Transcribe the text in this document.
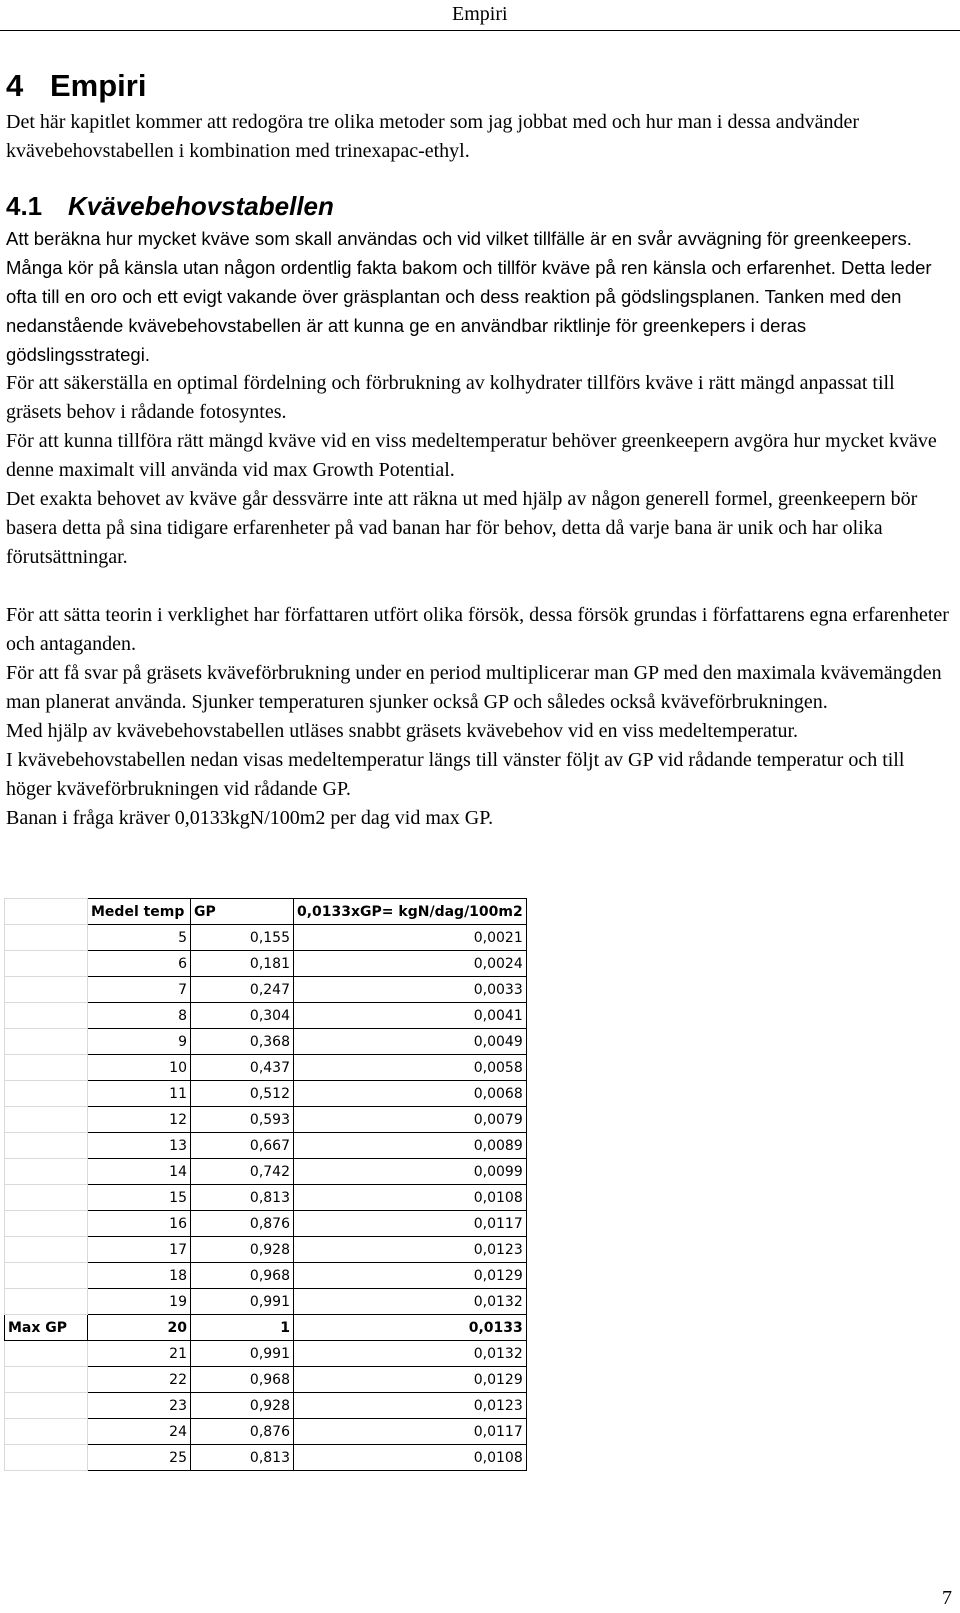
Empiri
4 Empiri

Det här kapitlet kommer att redogöra tre olika metoder som jag jobbat med och hur man i dessa andvänder kvävebehovstabellen i kombination med trinexapac-ethyl.

4.1 Kvävebehovstabellen

Att beräkna hur mycket kväve som skall användas och vid vilket tillfälle är en svår avvägning för greenkeepers. Många kör på känsla utan någon ordentlig fakta bakom och tillför kväve på ren känsla och erfarenhet. Detta leder ofta till en oro och ett evigt vakande över gräsplantan och dess reaktion på gödslingsplanen. Tanken med den nedanstående kvävebehovstabellen är att kunna ge en användbar riktlinje för greenkepers i deras gödslingsstrategi.

För att säkerställa en optimal fördelning och förbrukning av kolhydrater tillförs kväve i rätt mängd anpassat till gräsets behov i rådande fotosyntes.

För att kunna tillföra rätt mängd kväve vid en viss medeltemperatur behöver greenkeepern avgöra hur mycket kväve denne maximalt vill använda vid max Growth Potential.

Det exakta behovet av kväve går dessvärre inte att räkna ut med hjälp av någon generell formel, greenkeepern bör basera detta på sina tidigare erfarenheter på vad banan har för behov, detta då varje bana är unik och har olika förutsättningar.

För att sätta teorin i verklighet har författaren utfört olika försök, dessa försök grundas i författarens egna erfarenheter och antaganden.

För att få svar på gräsets kväveförbrukning under en period multiplicerar man GP med den maximala kvävemängden man planerat använda. Sjunker temperaturen sjunker också GP och således också kväveförbrukningen.

Med hjälp av kvävebehovstabellen utläses snabbt gräsets kvävebehov vid en viss medeltemperatur.

I kvävebehovstabellen nedan visas medeltemperatur längs till vänster följt av GP vid rådande temperatur och till höger kväveförbrukningen vid rådande GP.

Banan i fråga kräver 0,0133kgN/100m2 per dag vid max GP.

	Medel temp	GP	0,0133xGP= kgN/dag/100m2
	5	0,155	0,0021
	6	0,181	0,0024
	7	0,247	0,0033
	8	0,304	0,0041
	9	0,368	0,0049
	10	0,437	0,0058
	11	0,512	0,0068
	12	0,593	0,0079
	13	0,667	0,0089
	14	0,742	0,0099
	15	0,813	0,0108
	16	0,876	0,0117
	17	0,928	0,0123
	18	0,968	0,0129
	19	0,991	0,0132
Max GP	20	1	0,0133
	21	0,991	0,0132
	22	0,968	0,0129
	23	0,928	0,0123
	24	0,876	0,0117
	25	0,813	0,0108
7
